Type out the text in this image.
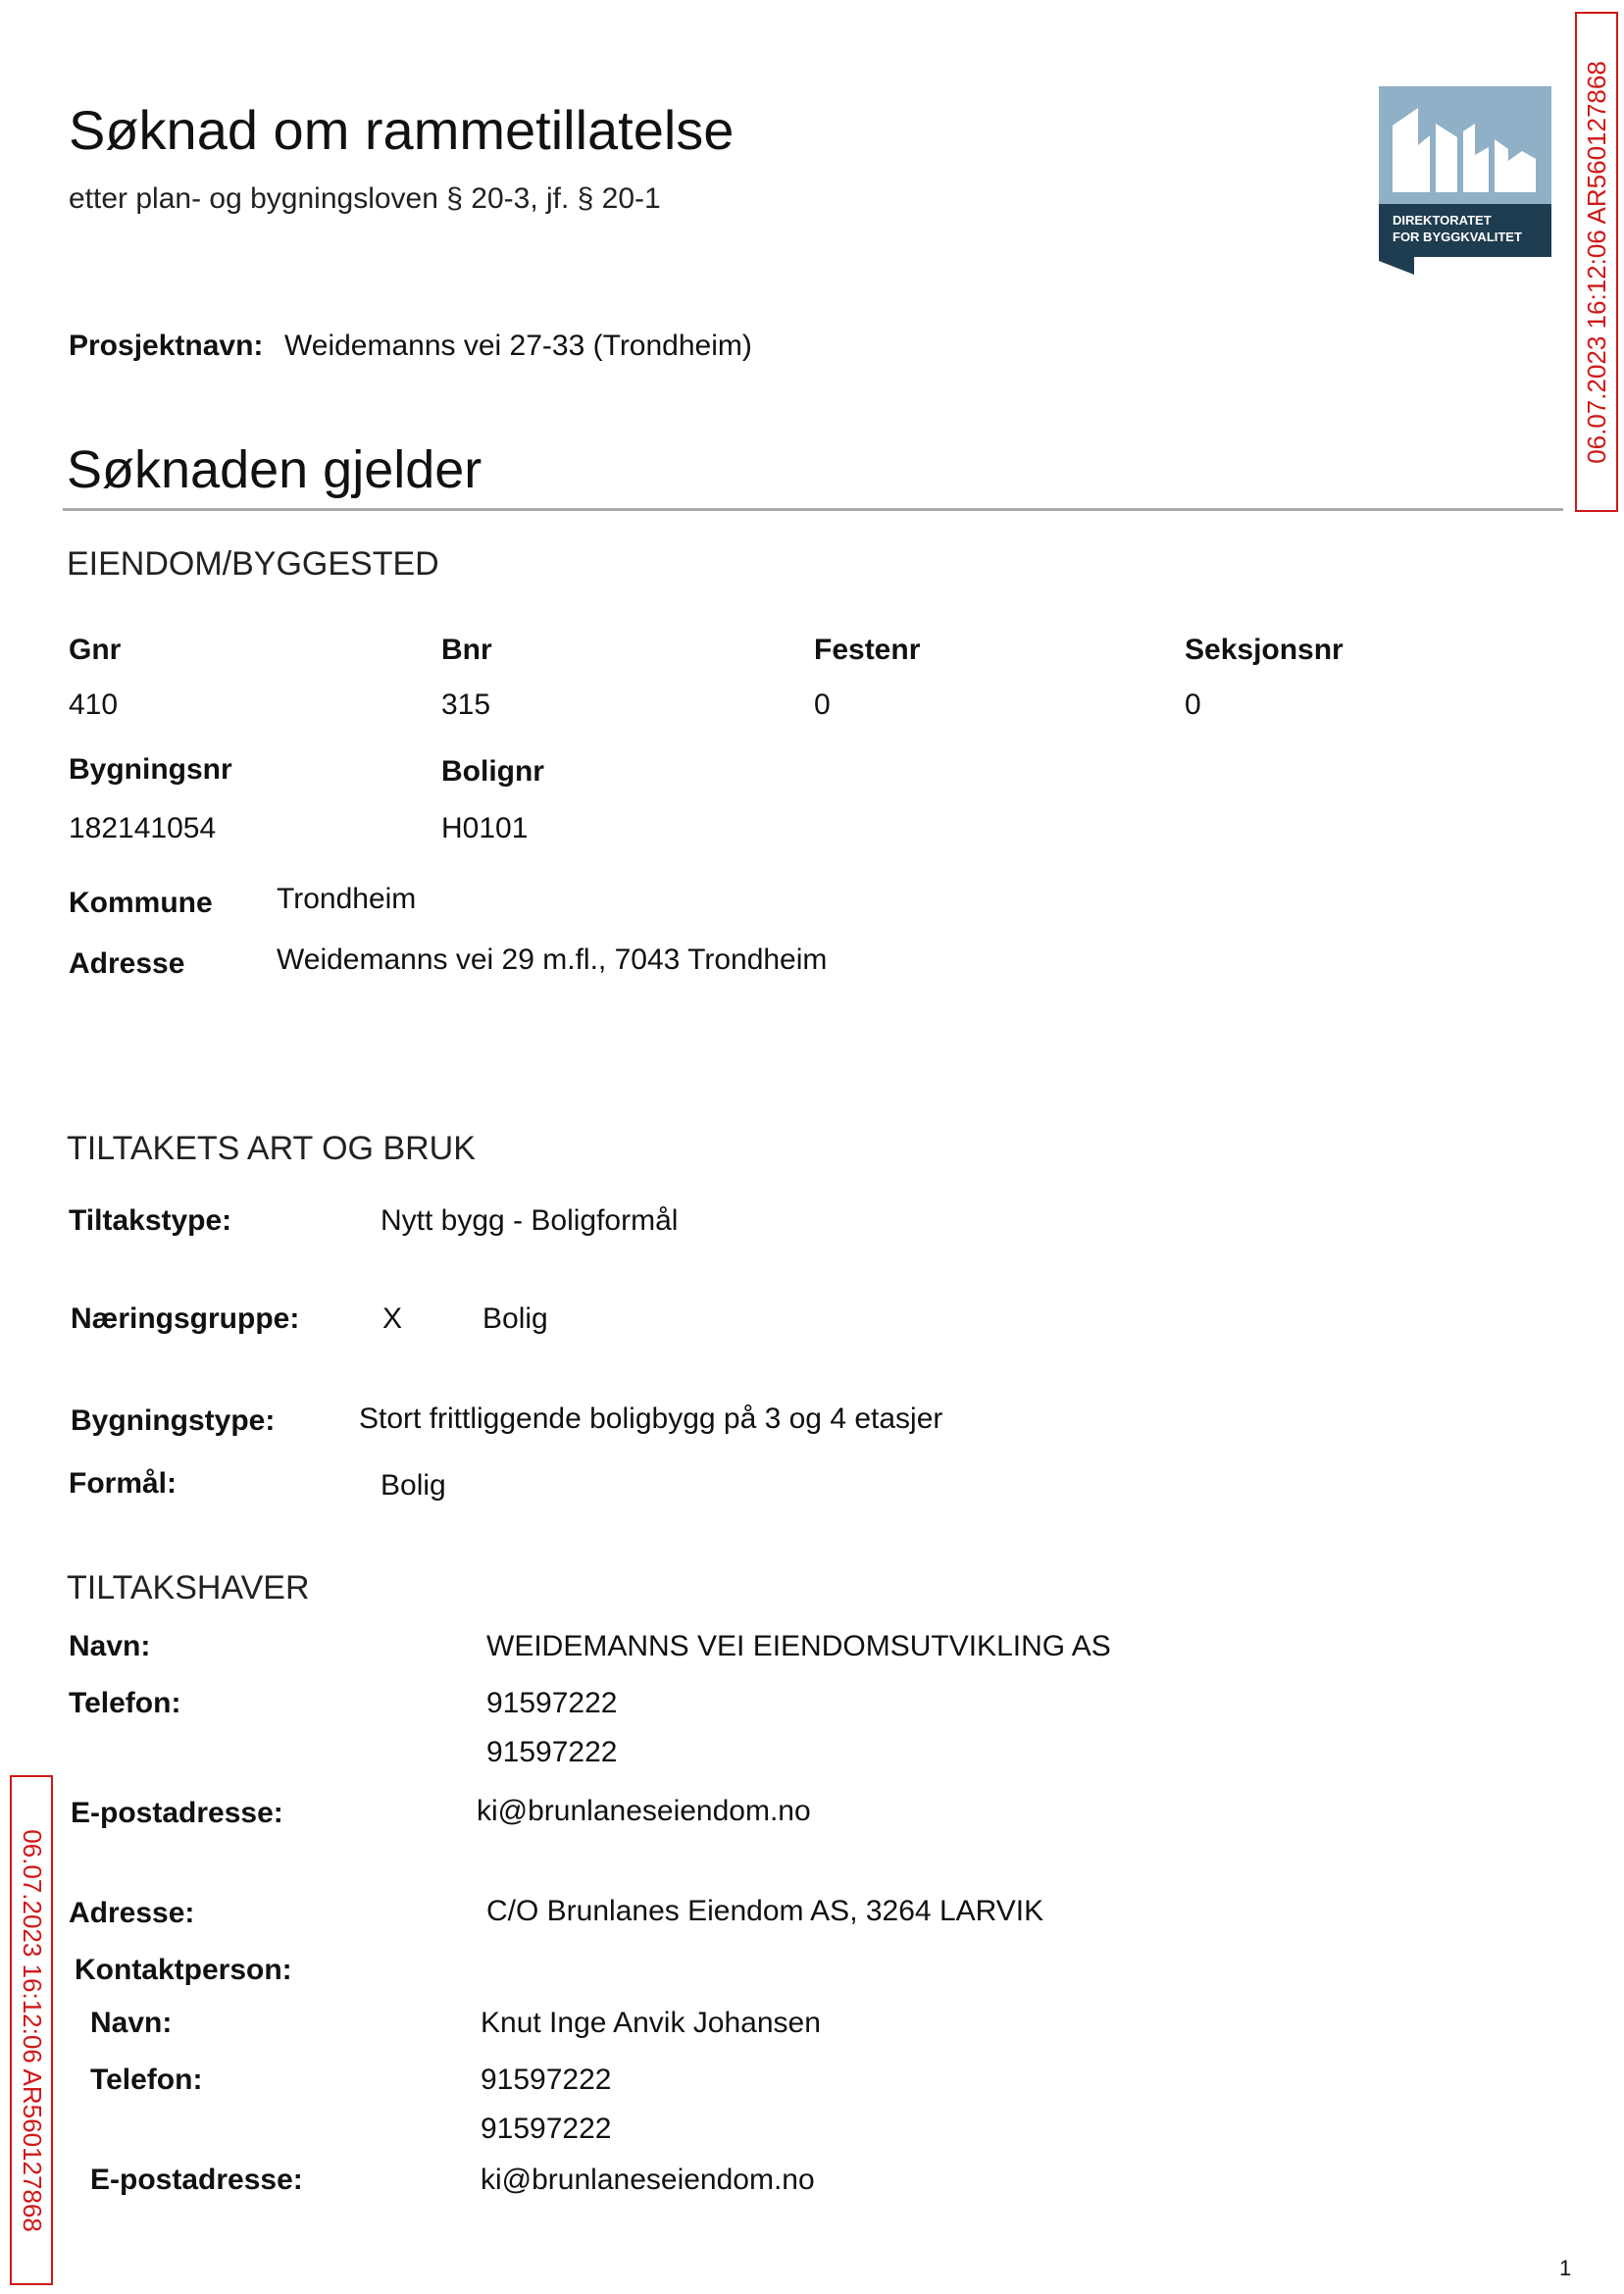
Søknad om rammetillatelse
etter plan- og bygningsloven § 20-3, jf. § 20-1
DIREKTORATET
FOR BYGGKVALITET 06.07.2023 16:12:06 AR560127868
06.07.2023 16:12:06 AR560127868
Prosjektnavn: Weidemanns vei 27-33 (Trondheim)
Søknaden gjelder
EIENDOM/BYGGESTED
Gnr	Bnr	Festenr	Seksjonsnr
410	315	0	0
Bygningsnr	Bolignr
182141054	H0101
Kommune Trondheim
Adresse	Weidemanns vei 29 m.fl., 7043 Trondheim
TILTAKETS ART OG BRUK
Tiltakstype:	Nytt bygg - Boligformål
Næringsgruppe:	X	Bolig
Bygningstype:	Stort frittliggende boligbygg på 3 og 4 etasjer
Formål:	Bolig
TILTAKSHAVER
Navn:	WEIDEMANNS VEI EIENDOMSUTVIKLING AS
Telefon:	91597222
91597222
E-postadresse:	ki@brunlaneseiendom.no
Adresse:	C/O Brunlanes Eiendom AS, 3264 LARVIK
Kontaktperson:
Navn:	Knut Inge Anvik Johansen
Telefon:	91597222
91597222
E-postadresse:	ki@brunlaneseiendom.no
1
